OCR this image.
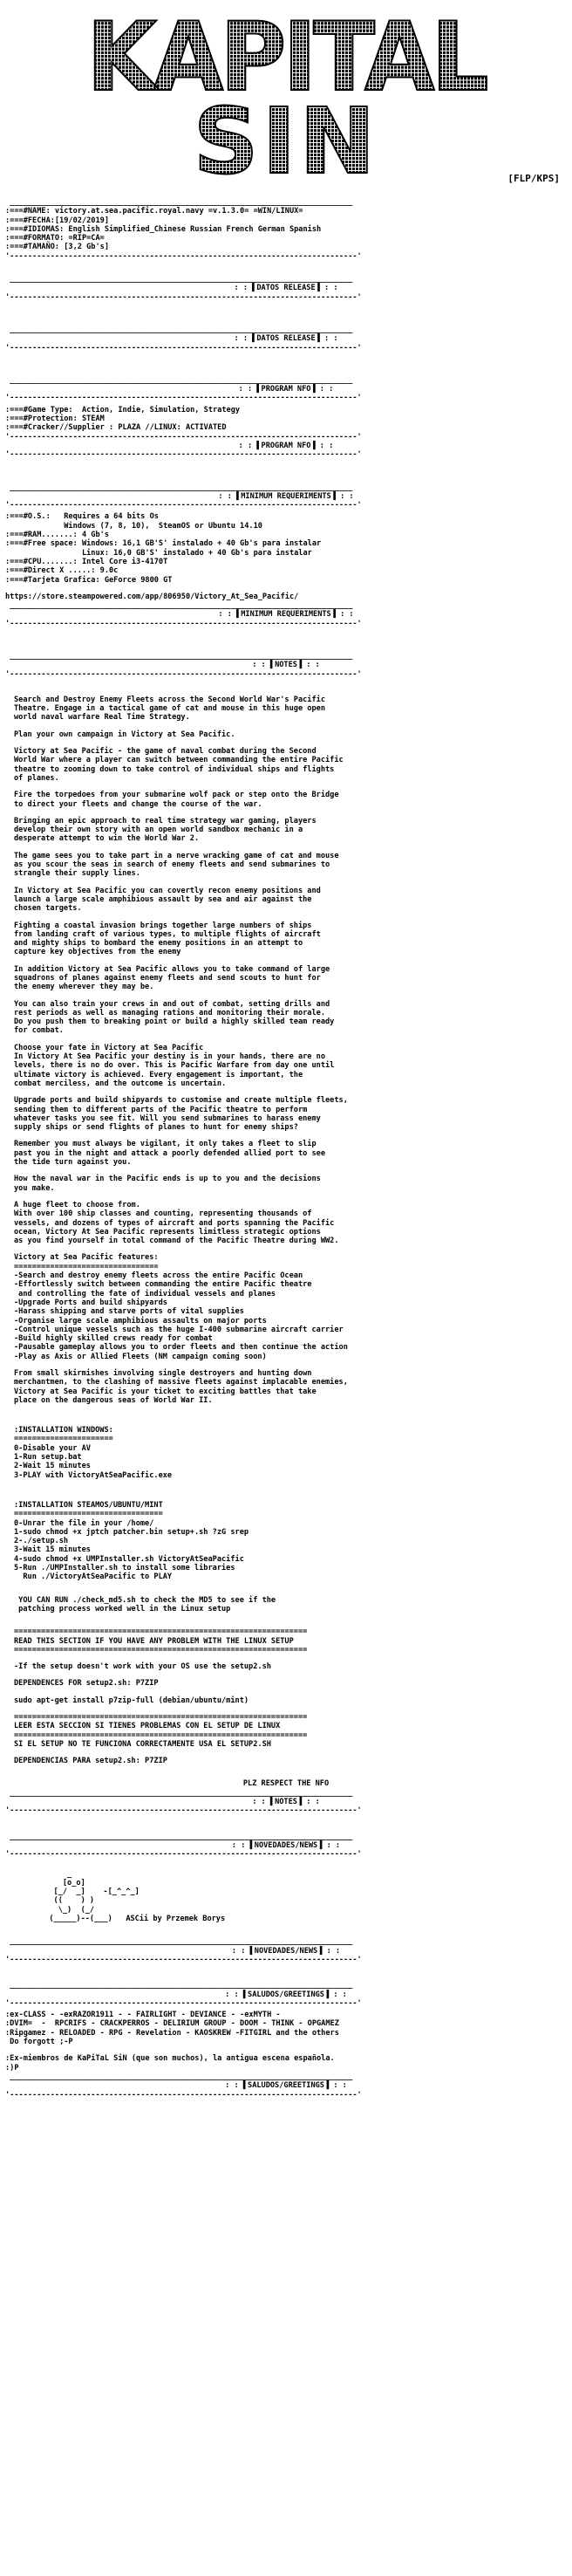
KAPITAL
SIN	[FLP/KPS]
____________________________________________________________________________
:===#NAME: victory.at.sea.pacific.royal.navy =v.1.3.0= =WIN/LINUX=
:===#FECHA:[19/02/2019]
:===#IDIOMAS: English Simplified_Chinese Russian French German Spanish
:===#FORMATO: =RIP=CA=
:===#TAMAÑO: [3,2 Gb's]
'-----------------------------------------------------------------------------'
____________________________________________________________________________
: : ▌DATOS RELEASE▐ : :
'-----------------------------------------------------------------------------'
____________________________________________________________________________
: : ▌DATOS RELEASE▐ : :
'-----------------------------------------------------------------------------'
____________________________________________________________________________
: : ▌PROGRAM NFO▐ : :
'-----------------------------------------------------------------------------'
:===#Game Type:  Action, Indie, Simulation, Strategy
:===#Protection: STEAM
:===#Cracker//Supplier : PLAZA //LINUX: ACTIVATED
'-----------------------------------------------------------------------------'
: : ▌PROGRAM NFO▐ : :
'-----------------------------------------------------------------------------'
____________________________________________________________________________
: : ▌MINIMUM REQUERIMENTS▐ : :
'-----------------------------------------------------------------------------'
:===#O.S.:   Requires a 64 bits Os
Windows (7, 8, 10),  SteamOS or Ubuntu 14.10
:===#RAM.......: 4 Gb's
:===#Free space: Windows: 16,1 GB'S' instalado + 40 Gb's para instalar
Linux: 16,0 GB'S' instalado + 40 Gb's para instalar
:===#CPU.......: Intel Core i3-4170T
:===#Direct X .....: 9.0c
:===#Tarjeta Grafica: GeForce 9800 GT
https://store.steampowered.com/app/806950/Victory_At_Sea_Pacific/
____________________________________________________________________________
: : ▌MINIMUM REQUERIMENTS▐ : :
'-----------------------------------------------------------------------------'
____________________________________________________________________________
: : ▌NOTES▐ : :
'-----------------------------------------------------------------------------'
Search and Destroy Enemy Fleets across the Second World War's Pacific
Theatre. Engage in a tactical game of cat and mouse in this huge open
world naval warfare Real Time Strategy.
Plan your own campaign in Victory at Sea Pacific.
Victory at Sea Pacific - the game of naval combat during the Second
World War where a player can switch between commanding the entire Pacific
theatre to zooming down to take control of individual ships and flights
of planes.
Fire the torpedoes from your submarine wolf pack or step onto the Bridge
to direct your fleets and change the course of the war.
Bringing an epic approach to real time strategy war gaming, players
develop their own story with an open world sandbox mechanic in a
desperate attempt to win the World War 2.
The game sees you to take part in a nerve wracking game of cat and mouse
as you scour the seas in search of enemy fleets and send submarines to
strangle their supply lines.
In Victory at Sea Pacific you can covertly recon enemy positions and
launch a large scale amphibious assault by sea and air against the
chosen targets.
Fighting a coastal invasion brings together large numbers of ships
from landing craft of various types, to multiple flights of aircraft
and mighty ships to bombard the enemy positions in an attempt to
capture key objectives from the enemy
In addition Victory at Sea Pacific allows you to take command of large
squadrons of planes against enemy fleets and send scouts to hunt for
the enemy wherever they may be.
You can also train your crews in and out of combat, setting drills and
rest periods as well as managing rations and monitoring their morale.
Do you push them to breaking point or build a highly skilled team ready
for combat.
Choose your fate in Victory at Sea Pacific
In Victory At Sea Pacific your destiny is in your hands, there are no
levels, there is no do over. This is Pacific Warfare from day one until
ultimate victory is achieved. Every engagement is important, the
combat merciless, and the outcome is uncertain.
Upgrade ports and build shipyards to customise and create multiple fleets,
sending them to different parts of the Pacific theatre to perform
whatever tasks you see fit. Will you send submarines to harass enemy
supply ships or send flights of planes to hunt for enemy ships?
Remember you must always be vigilant, it only takes a fleet to slip
past you in the night and attack a poorly defended allied port to see
the tide turn against you.
How the naval war in the Pacific ends is up to you and the decisions
you make.
A huge fleet to choose from.
With over 100 ship classes and counting, representing thousands of
vessels, and dozens of types of aircraft and ports spanning the Pacific
ocean, Victory At Sea Pacific represents limitless strategic options
as you find yourself in total command of the Pacific Theatre during WW2.
Victory at Sea Pacific features:
================================
-Search and destroy enemy fleets across the entire Pacific Ocean
-Effortlessly switch between commanding the entire Pacific theatre
and controlling the fate of individual vessels and planes
-Upgrade Ports and build shipyards
-Harass shipping and starve ports of vital supplies
-Organise large scale amphibious assaults on major ports
-Control unique vessels such as the huge I-400 submarine aircraft carrier
-Build highly skilled crews ready for combat
-Pausable gameplay allows you to order fleets and then continue the action
-Play as Axis or Allied Fleets (NM campaign coming soon)
From small skirmishes involving single destroyers and hunting down
merchantmen, to the clashing of massive fleets against implacable enemies,
Victory at Sea Pacific is your ticket to exciting battles that take
place on the dangerous seas of World War II.
:INSTALLATION WINDOWS:
======================
0-Disable your AV
1-Run setup.bat
2-Wait 15 minutes
3-PLAY with VictoryAtSeaPacific.exe
:INSTALLATION STEAMOS/UBUNTU/MINT
=================================
0-Unrar the file in your /home/
1-sudo chmod +x jptch patcher.bin setup+.sh ?zG srep
2-./setup.sh
3-Wait 15 minutes
4-sudo chmod +x UMPInstaller.sh VictoryAtSeaPacific
5-Run ./UMPInstaller.sh to install some libraries
Run ./VictoryAtSeaPacific to PLAY
YOU CAN RUN ./check_md5.sh to check the MD5 to see if the
patching process worked well in the Linux setup
=================================================================
READ THIS SECTION IF YOU HAVE ANY PROBLEM WITH THE LINUX SETUP
=================================================================
-If the setup doesn't work with your OS use the setup2.sh
DEPENDENCES FOR setup2.sh: P7ZIP
sudo apt-get install p7zip-full (debian/ubuntu/mint)
=================================================================
LEER ESTA SECCION SI TIENES PROBLEMAS CON EL SETUP DE LINUX
=================================================================
SI EL SETUP NO TE FUNCIONA CORRECTAMENTE USA EL SETUP2.SH
DEPENDENCIAS PARA setup2.sh: P7ZIP
PLZ RESPECT THE NFO
____________________________________________________________________________
: : ▌NOTES▐ : :
'-----------------------------------------------------------------------------'
____________________________________________________________________________
: : ▌NOVEDADES/NEWS▐ : :
'-----------------------------------------------------------------------------'
_
[o_o]
[_/  _]    -[_^_^_]
((    ) )
\_)  (_/
(_____)--(___)   ASCii by Przemek Borys
____________________________________________________________________________
: : ▌NOVEDADES/NEWS▐ : :
'-----------------------------------------------------------------------------'
____________________________________________________________________________
: : ▌SALUDOS/GREETINGS▐ : :
'-----------------------------------------------------------------------------'
:ex-CLASS - -exRAZOR1911 - - FAIRLIGHT - DEVIANCE - -exMYTH -
:DVIM=  -  RPCRIFS - CRACKPERROS - DELIRIUM GROUP - DOOM - THINK - OPGAMEZ
:Ripgamez - RELOADED - RPG - Revelation - KAOSKREW -FITGIRL and the others
Do forgott ;-P
:Ex-miembros de KaPiTaL SiN (que son muchos), la antigua escena española.
:)P
____________________________________________________________________________
: : ▌SALUDOS/GREETINGS▐ : :
'-----------------------------------------------------------------------------'
